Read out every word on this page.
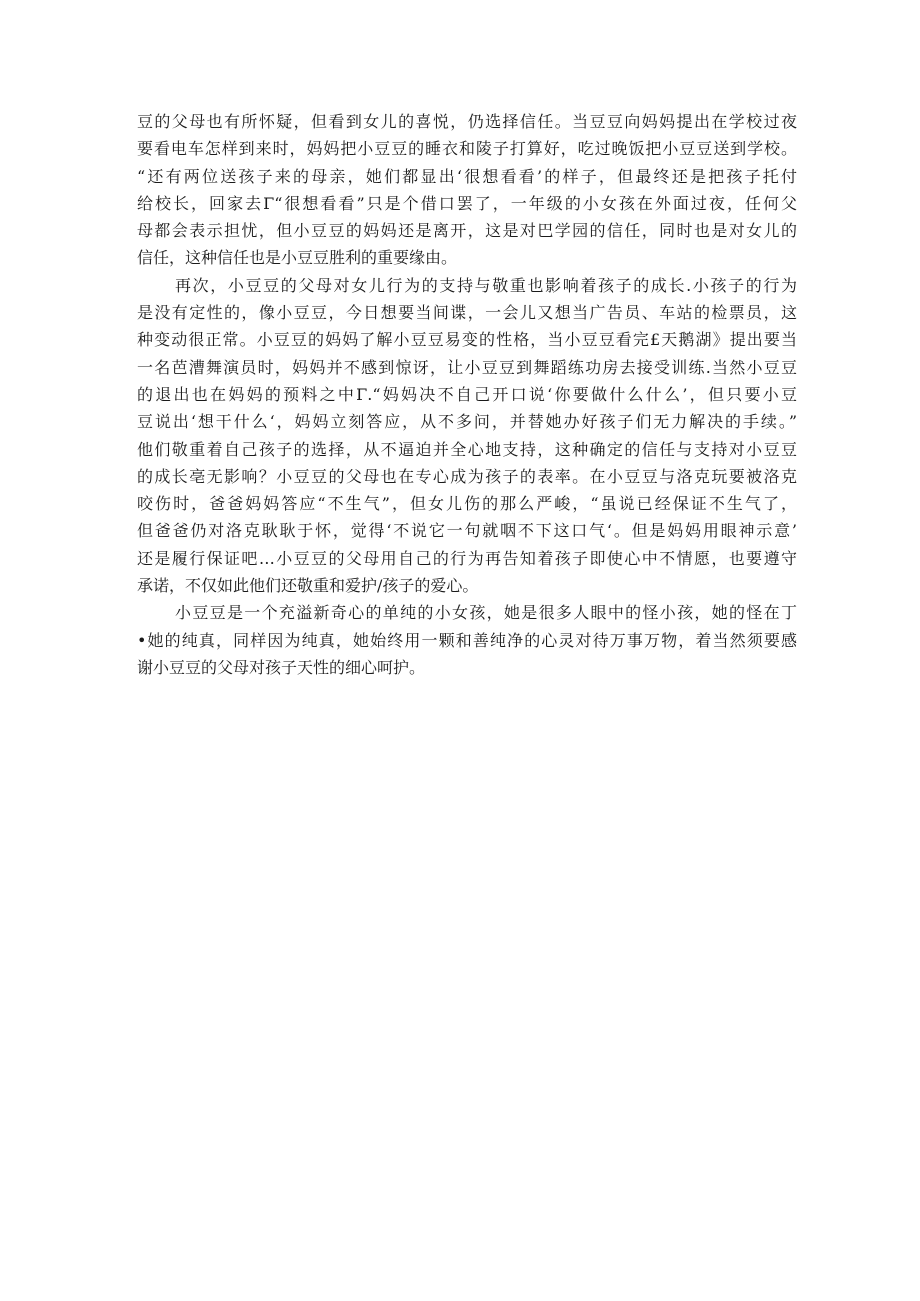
豆的父母也有所怀疑，但看到女儿的喜悦，仍选择信任。当豆豆向妈妈提出在学校过夜
要看电车怎样到来时，妈妈把小豆豆的睡衣和陵子打算好，吃过晚饭把小豆豆送到学校。
“还有两位送孩子来的母亲，她们都显出‘很想看看’的样子，但最终还是把孩子托付
给校长，回家去Γ“很想看看”只是个借口罢了，一年级的小女孩在外面过夜，任何父
母都会表示担忧，但小豆豆的妈妈还是离开，这是对巴学园的信任，同时也是对女儿的
信任，这种信任也是小豆豆胜利的重要缘由。
再次，小豆豆的父母对女儿行为的支持与敬重也影响着孩子的成长.小孩子的行为
是没有定性的，像小豆豆，今日想要当间谍，一会儿又想当广告员、车站的检票员，这
种变动很正常。小豆豆的妈妈了解小豆豆易变的性格，当小豆豆看完£天鹅湖》提出要当
一名芭漕舞演员时，妈妈并不感到惊讶，让小豆豆到舞蹈练功房去接受训练.当然小豆豆
的退出也在妈妈的预料之中Γ.“妈妈决不自己开口说‘你要做什么什么’，但只要小豆
豆说出‘想干什么‘，妈妈立刻答应，从不多问，并替她办好孩子们无力解决的手续。”
他们敬重着自己孩子的选择，从不逼迫并全心地支持，这种确定的信任与支持对小豆豆
的成长亳无影响？小豆豆的父母也在专心成为孩子的表率。在小豆豆与洛克玩要被洛克
咬伤时，爸爸妈妈答应“不生气”，但女儿伤的那么严峻，“虽说已经保证不生气了，
但爸爸仍对洛克耿耿于怀，觉得‘不说它一句就咽不下这口气‘。但是妈妈用眼神示意’
还是履行保证吧…小豆豆的父母用自己的行为再告知着孩子即使心中不情愿，也要遵守
承诺，不仅如此他们还敬重和爱护/孩子的爱心。
小豆豆是一个充溢新奇心的单纯的小女孩，她是很多人眼中的怪小孩，她的怪在丁
•她的纯真，同样因为纯真，她始终用一颗和善纯净的心灵对待万事万物，着当然须要感
谢小豆豆的父母对孩子天性的细心呵护。
